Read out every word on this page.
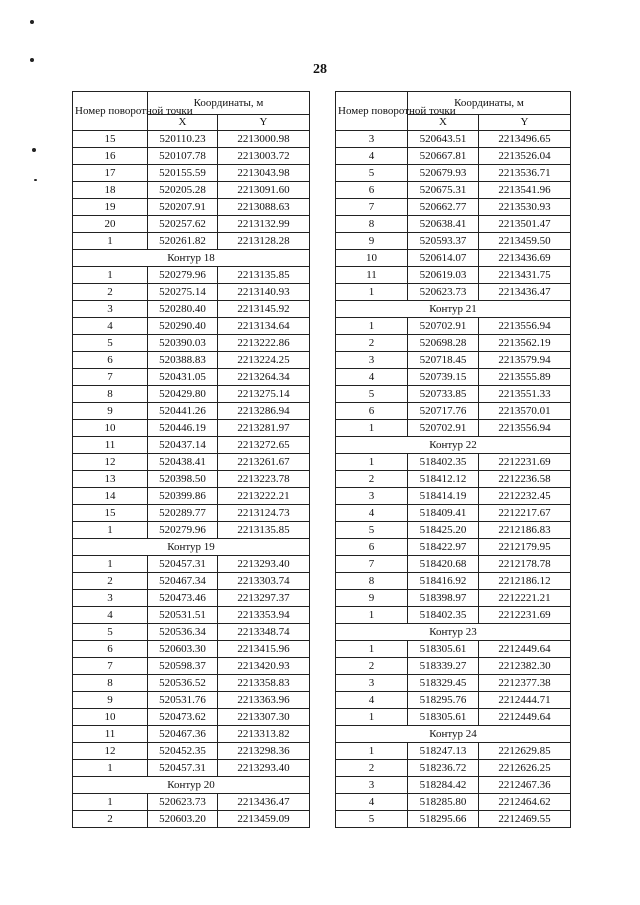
28
Номер поворотной точки	Координаты, м	
	X	Y
15	520110.23	2213000.98
16	520107.78	2213003.72
17	520155.59	2213043.98
18	520205.28	2213091.60
19	520207.91	2213088.63
20	520257.62	2213132.99
1	520261.82	2213128.28
Контур 18		
1	520279.96	2213135.85
2	520275.14	2213140.93
3	520280.40	2213145.92
4	520290.40	2213134.64
5	520390.03	2213222.86
6	520388.83	2213224.25
7	520431.05	2213264.34
8	520429.80	2213275.14
9	520441.26	2213286.94
10	520446.19	2213281.97
11	520437.14	2213272.65
12	520438.41	2213261.67
13	520398.50	2213223.78
14	520399.86	2213222.21
15	520289.77	2213124.73
1	520279.96	2213135.85
Контур 19		
1	520457.31	2213293.40
2	520467.34	2213303.74
3	520473.46	2213297.37
4	520531.51	2213353.94
5	520536.34	2213348.74
6	520603.30	2213415.96
7	520598.37	2213420.93
8	520536.52	2213358.83
9	520531.76	2213363.96
10	520473.62	2213307.30
11	520467.36	2213313.82
12	520452.35	2213298.36
1	520457.31	2213293.40
Контур 20		
1	520623.73	2213436.47
2	520603.20	2213459.09
Номер поворотной точки	Координаты, м	
	X	Y
3	520643.51	2213496.65
4	520667.81	2213526.04
5	520679.93	2213536.71
6	520675.31	2213541.96
7	520662.77	2213530.93
8	520638.41	2213501.47
9	520593.37	2213459.50
10	520614.07	2213436.69
11	520619.03	2213431.75
1	520623.73	2213436.47
Контур 21		
1	520702.91	2213556.94
2	520698.28	2213562.19
3	520718.45	2213579.94
4	520739.15	2213555.89
5	520733.85	2213551.33
6	520717.76	2213570.01
1	520702.91	2213556.94
Контур 22		
1	518402.35	2212231.69
2	518412.12	2212236.58
3	518414.19	2212232.45
4	518409.41	2212217.67
5	518425.20	2212186.83
6	518422.97	2212179.95
7	518420.68	2212178.78
8	518416.92	2212186.12
9	518398.97	2212221.21
1	518402.35	2212231.69
Контур 23		
1	518305.61	2212449.64
2	518339.27	2212382.30
3	518329.45	2212377.38
4	518295.76	2212444.71
1	518305.61	2212449.64
Контур 24		
1	518247.13	2212629.85
2	518236.72	2212626.25
3	518284.42	2212467.36
4	518285.80	2212464.62
5	518295.66	2212469.55
